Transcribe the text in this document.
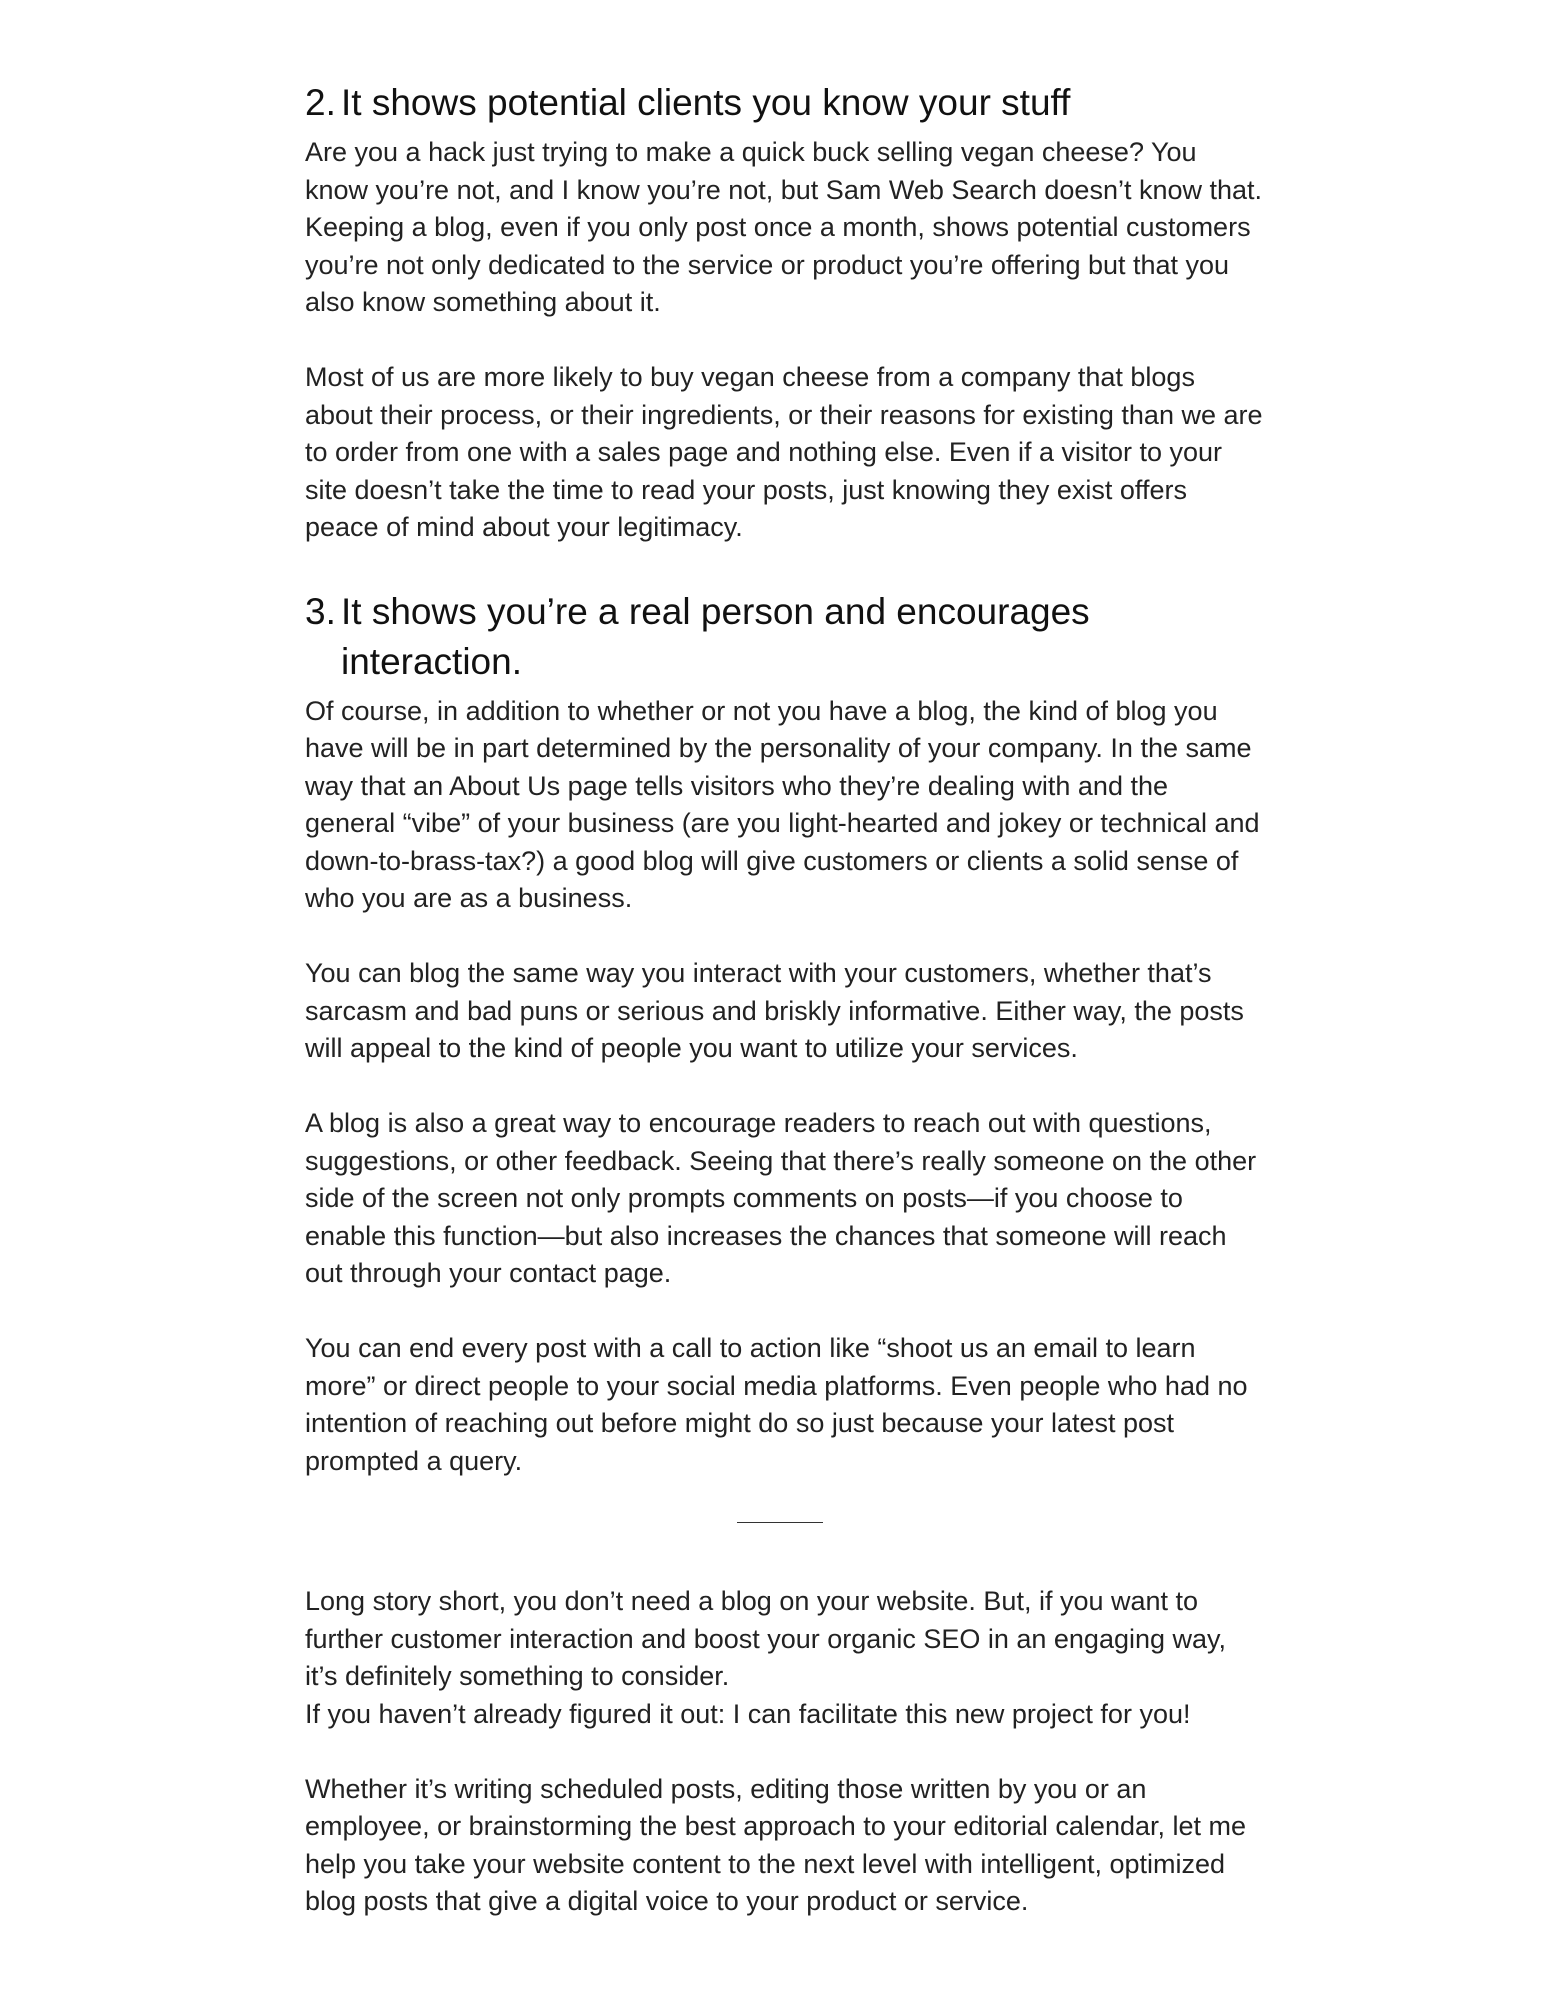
2. It shows potential clients you know your stuff

Are you a hack just trying to make a quick buck selling vegan cheese? You know you’re not, and I know you’re not, but Sam Web Search doesn’t know that. Keeping a blog, even if you only post once a month, shows potential customers you’re not only dedicated to the service or product you’re offering but that you also know something about it.

Most of us are more likely to buy vegan cheese from a company that blogs about their process, or their ingredients, or their reasons for existing than we are to order from one with a sales page and nothing else. Even if a visitor to your site doesn’t take the time to read your posts, just knowing they exist offers peace of mind about your legitimacy.

3. It shows you’re a real person and encourages interaction.

Of course, in addition to whether or not you have a blog, the kind of blog you have will be in part determined by the personality of your company. In the same way that an About Us page tells visitors who they’re dealing with and the general “vibe” of your business (are you light-hearted and jokey or technical and down-to-brass-tax?) a good blog will give customers or clients a solid sense of who you are as a business.

You can blog the same way you interact with your customers, whether that’s sarcasm and bad puns or serious and briskly informative. Either way, the posts will appeal to the kind of people you want to utilize your services.

A blog is also a great way to encourage readers to reach out with questions, suggestions, or other feedback. Seeing that there’s really someone on the other side of the screen not only prompts comments on posts—if you choose to enable this function—but also increases the chances that someone will reach out through your contact page.

You can end every post with a call to action like “shoot us an email to learn more” or direct people to your social media platforms. Even people who had no intention of reaching out before might do so just because your latest post prompted a query.

Long story short, you don’t need a blog on your website. But, if you want to further customer interaction and boost your organic SEO in an engaging way, it’s definitely something to consider.

If you haven’t already figured it out: I can facilitate this new project for you!

Whether it’s writing scheduled posts, editing those written by you or an employee, or brainstorming the best approach to your editorial calendar, let me help you take your website content to the next level with intelligent, optimized blog posts that give a digital voice to your product or service.
